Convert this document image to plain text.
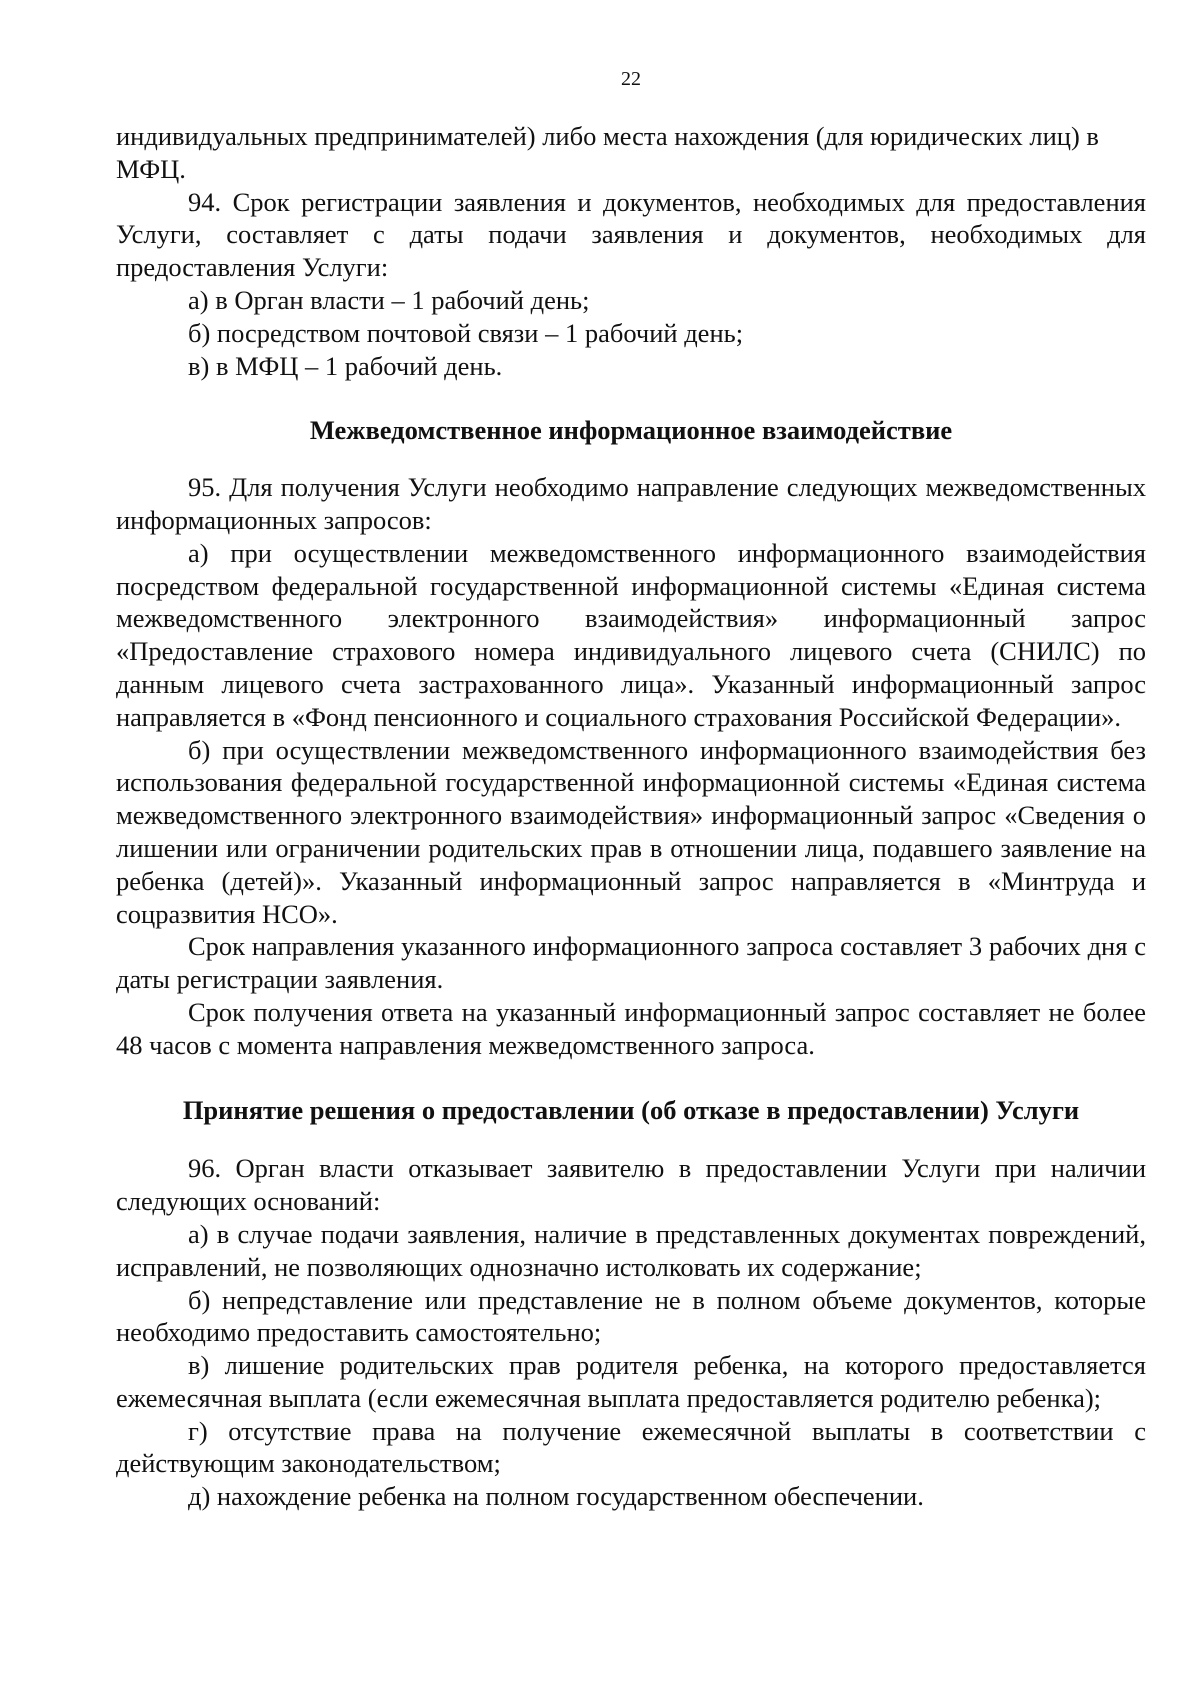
22

индивидуальных предпринимателей) либо места нахождения (для юридических лиц) в МФЦ.

94. Срок регистрации заявления и документов, необходимых для предоставления Услуги, составляет с даты подачи заявления и документов, необходимых для предоставления Услуги:

а) в Орган власти – 1 рабочий день;

б) посредством почтовой связи – 1 рабочий день;

в) в МФЦ – 1 рабочий день.

Межведомственное информационное взаимодействие

95. Для получения Услуги необходимо направление следующих межведомственных информационных запросов:

а) при осуществлении межведомственного информационного взаимодействия посредством федеральной государственной информационной системы «Единая система межведомственного электронного взаимодействия» информационный запрос «Предоставление страхового номера индивидуального лицевого счета (СНИЛС) по данным лицевого счета застрахованного лица». Указанный информационный запрос направляется в «Фонд пенсионного и социального страхования Российской Федерации».

б) при осуществлении межведомственного информационного взаимодействия без использования федеральной государственной информационной системы «Единая система межведомственного электронного взаимодействия» информационный запрос «Сведения о лишении или ограничении родительских прав в отношении лица, подавшего заявление на ребенка (детей)». Указанный информационный запрос направляется в «Минтруда и соцразвития НСО».

Срок направления указанного информационного запроса составляет 3 рабочих дня с даты регистрации заявления.

Срок получения ответа на указанный информационный запрос составляет не более 48 часов с момента направления межведомственного запроса.

Принятие решения о предоставлении (об отказе в предоставлении) Услуги

96. Орган власти отказывает заявителю в предоставлении Услуги при наличии следующих оснований:

а) в случае подачи заявления, наличие в представленных документах повреждений, исправлений, не позволяющих однозначно истолковать их содержание;

б) непредставление или представление не в полном объеме документов, которые необходимо предоставить самостоятельно;

в) лишение родительских прав родителя ребенка, на которого предоставляется ежемесячная выплата (если ежемесячная выплата предоставляется родителю ребенка);

г) отсутствие права на получение ежемесячной выплаты в соответствии с действующим законодательством;

д) нахождение ребенка на полном государственном обеспечении.
